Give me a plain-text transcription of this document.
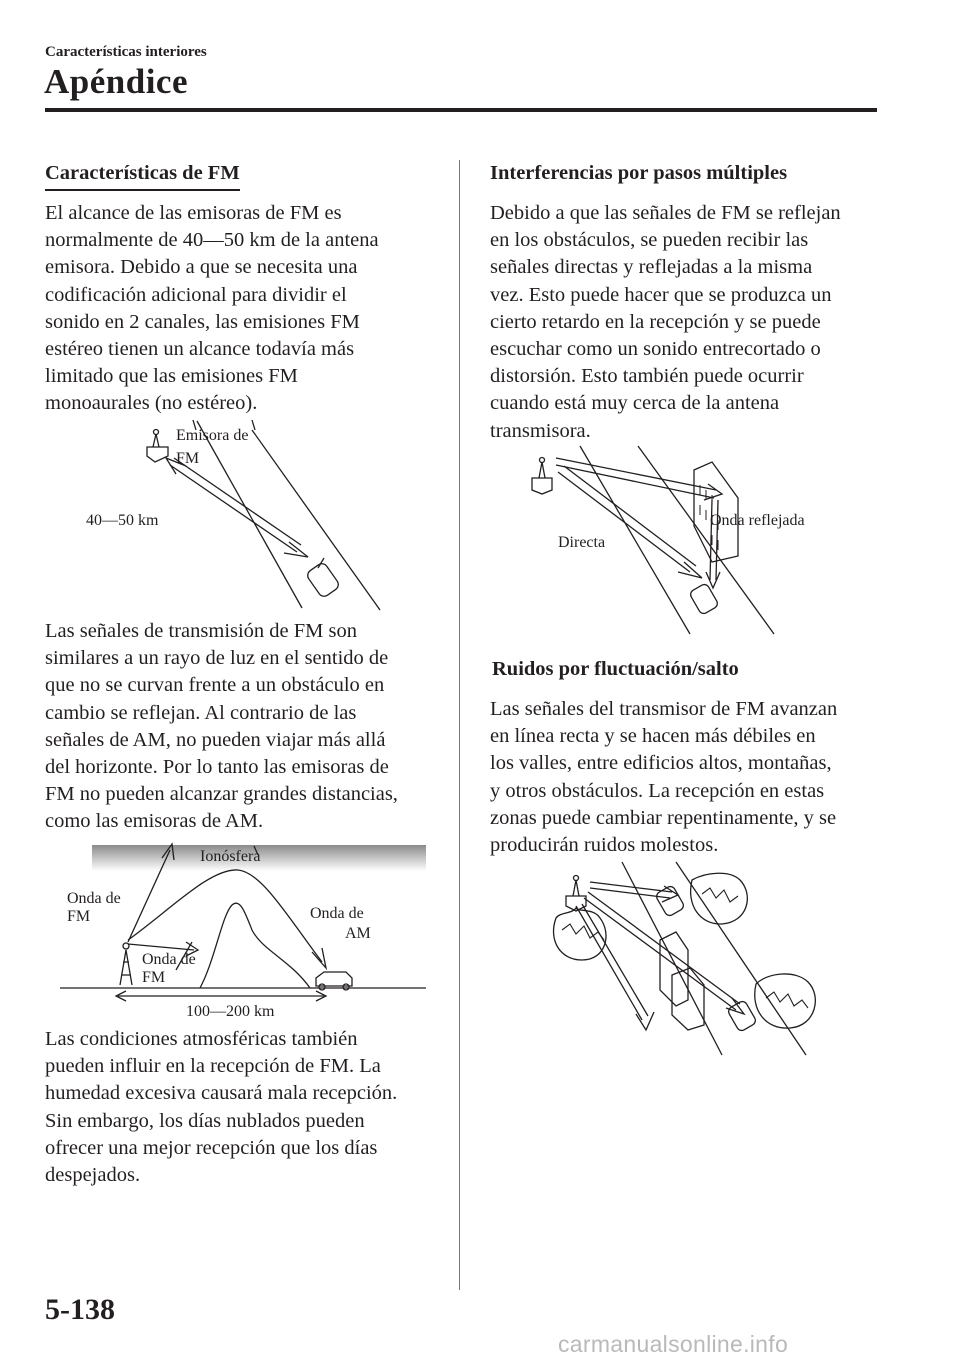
Características interiores
Apéndice
Características de FM
El alcance de las emisoras de FM es
normalmente de 40―50 km de la antena
emisora. Debido a que se necesita una
codificación adicional para dividir el
sonido en 2 canales, las emisiones FM
estéreo tienen un alcance todavía más
limitado que las emisiones FM
monoaurales (no estéreo).
Emisora de
FM
40―50 km
Las señales de transmisión de FM son
similares a un rayo de luz en el sentido de
que no se curvan frente a un obstáculo en
cambio se reflejan. Al contrario de las
señales de AM, no pueden viajar más allá
del horizonte. Por lo tanto las emisoras de
FM no pueden alcanzar grandes distancias,
como las emisoras de AM.
Ionósfera
Onda de
FM	Onda de
AM
Onda de
FM
100―200 km
Las condiciones atmosféricas también
pueden influir en la recepción de FM. La
humedad excesiva causará mala recepción.
Sin embargo, los días nublados pueden
ofrecer una mejor recepción que los días
despejados.
Interferencias por pasos múltiples
Debido a que las señales de FM se reflejan
en los obstáculos, se pueden recibir las
señales directas y reflejadas a la misma
vez. Esto puede hacer que se produzca un
cierto retardo en la recepción y se puede
escuchar como un sonido entrecortado o
distorsión. Esto también puede ocurrir
cuando está muy cerca de la antena
transmisora.
Onda reflejada
Directa
Ruidos por fluctuación/salto
Las señales del transmisor de FM avanzan
en línea recta y se hacen más débiles en
los valles, entre edificios altos, montañas,
y otros obstáculos. La recepción en estas
zonas puede cambiar repentinamente, y se
producirán ruidos molestos.
5-138
carmanualsonline.info
